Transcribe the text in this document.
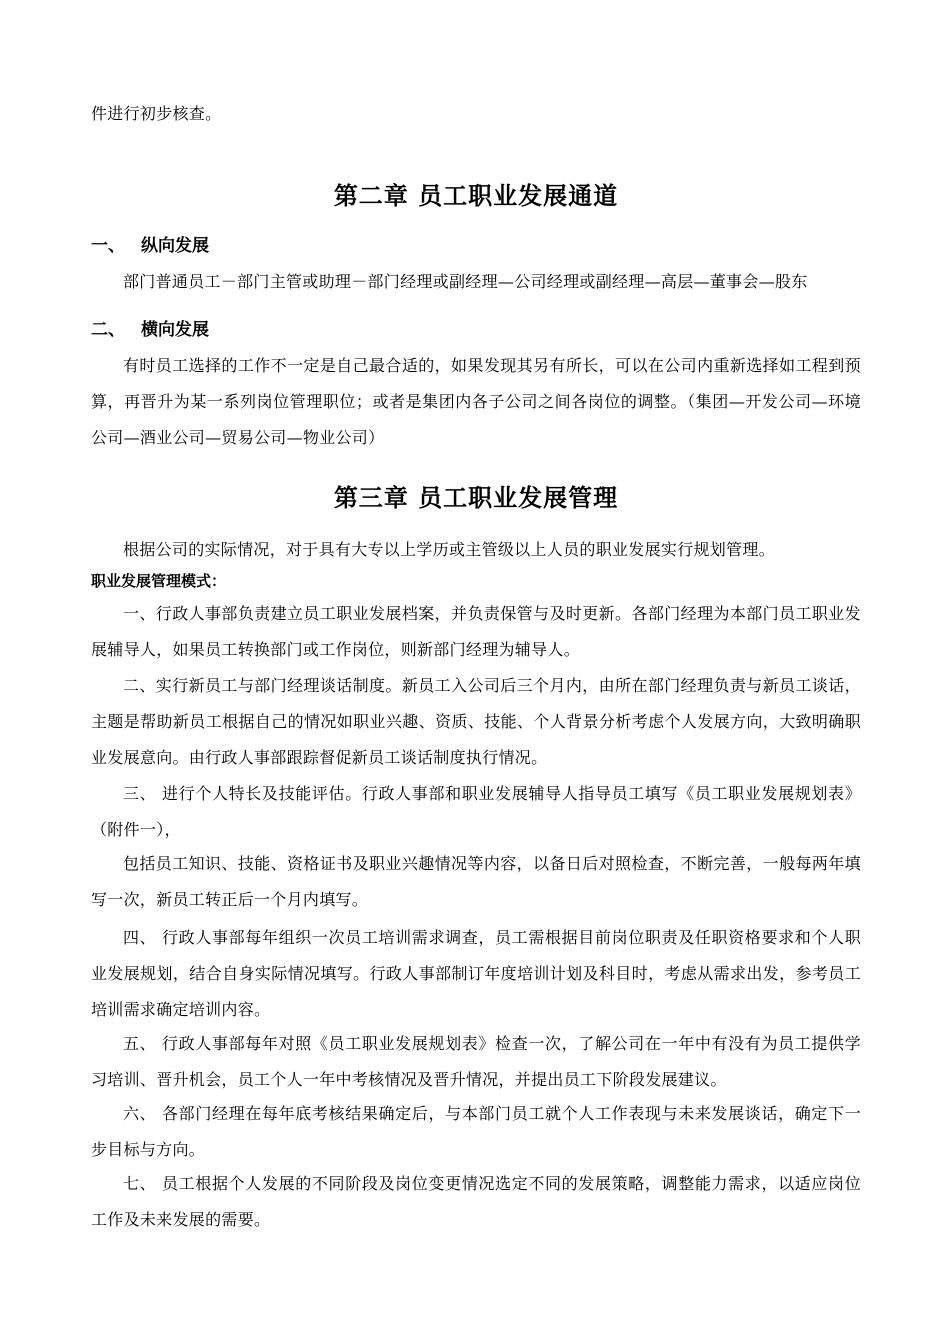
件进行初步核查。
第二章 员工职业发展通道
一、 纵向发展
部门普通员工－部门主管或助理－部门经理或副经理—公司经理或副经理—高层—董事会—股东
二、 横向发展
有时员工选择的工作不一定是自己最合适的，如果发现其另有所长，可以在公司内重新选择如工程到预算，再晋升为某一系列岗位管理职位；或者是集团内各子公司之间各岗位的调整。（集团—开发公司—环境公司—酒业公司—贸易公司—物业公司）
第三章 员工职业发展管理
根据公司的实际情况，对于具有大专以上学历或主管级以上人员的职业发展实行规划管理。
职业发展管理模式：
一、行政人事部负责建立员工职业发展档案，并负责保管与及时更新。各部门经理为本部门员工职业发展辅导人，如果员工转换部门或工作岗位，则新部门经理为辅导人。
二、实行新员工与部门经理谈话制度。新员工入公司后三个月内，由所在部门经理负责与新员工谈话，主题是帮助新员工根据自己的情况如职业兴趣、资质、技能、个人背景分析考虑个人发展方向，大致明确职业发展意向。由行政人事部跟踪督促新员工谈话制度执行情况。
三、 进行个人特长及技能评估。行政人事部和职业发展辅导人指导员工填写《员工职业发展规划表》（附件一），
包括员工知识、技能、资格证书及职业兴趣情况等内容，以备日后对照检查，不断完善，一般每两年填写一次，新员工转正后一个月内填写。
四、 行政人事部每年组织一次员工培训需求调查，员工需根据目前岗位职责及任职资格要求和个人职业发展规划，结合自身实际情况填写。行政人事部制订年度培训计划及科目时，考虑从需求出发，参考员工培训需求确定培训内容。
五、 行政人事部每年对照《员工职业发展规划表》检查一次，了解公司在一年中有没有为员工提供学习培训、晋升机会，员工个人一年中考核情况及晋升情况，并提出员工下阶段发展建议。
六、 各部门经理在每年底考核结果确定后，与本部门员工就个人工作表现与未来发展谈话，确定下一步目标与方向。
七、 员工根据个人发展的不同阶段及岗位变更情况选定不同的发展策略，调整能力需求，以适应岗位工作及未来发展的需要。
